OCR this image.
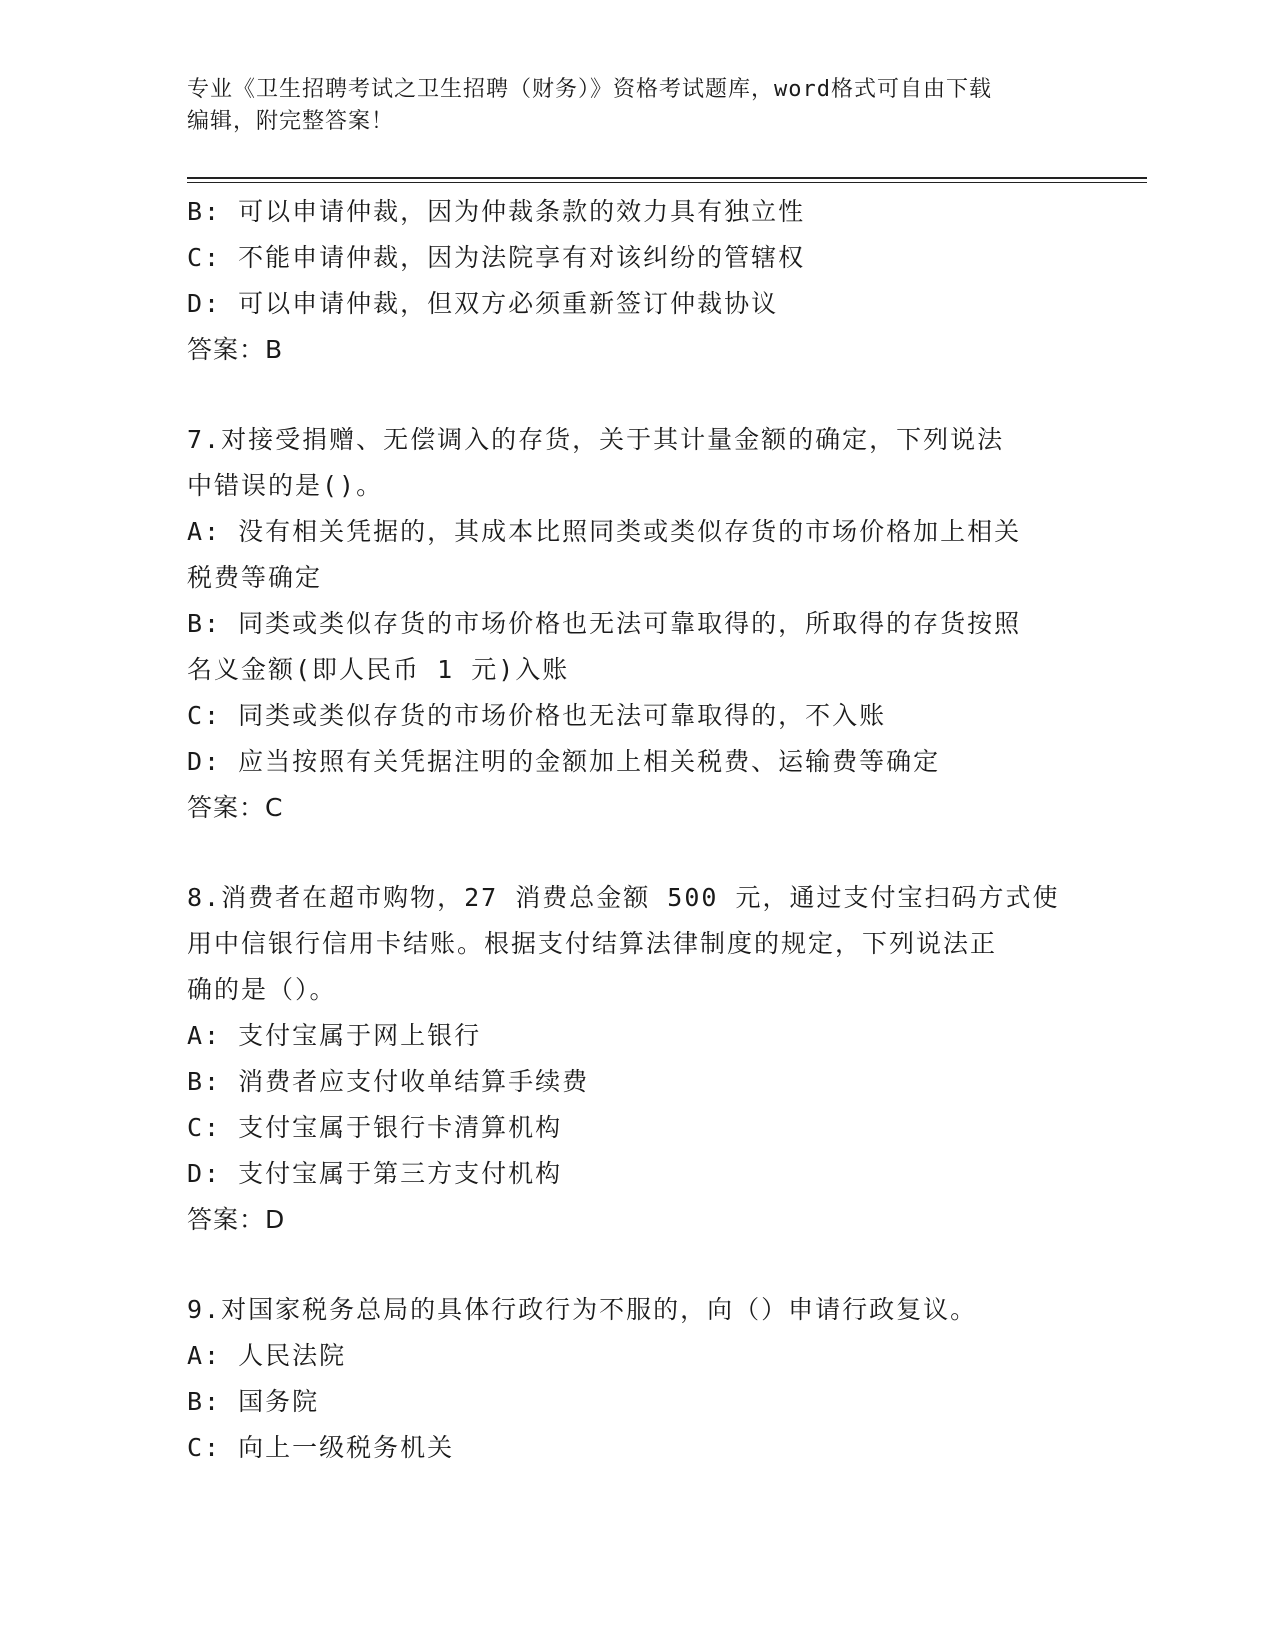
专业《卫生招聘考试之卫生招聘（财务）》资格考试题库，word格式可自由下载
编辑，附完整答案！
B: 可以申请仲裁，因为仲裁条款的效力具有独立性
C: 不能申请仲裁，因为法院享有对该纠纷的管辖权
D: 可以申请仲裁，但双方必须重新签订仲裁协议
答案：B
7.对接受捐赠、无偿调入的存货，关于其计量金额的确定，下列说法
中错误的是()。
A: 没有相关凭据的，其成本比照同类或类似存货的市场价格加上相关
税费等确定
B: 同类或类似存货的市场价格也无法可靠取得的，所取得的存货按照
名义金额(即人民币 1 元)入账
C: 同类或类似存货的市场价格也无法可靠取得的，不入账
D: 应当按照有关凭据注明的金额加上相关税费、运输费等确定
答案：C
8.消费者在超市购物，27 消费总金额 500 元，通过支付宝扫码方式使
用中信银行信用卡结账。根据支付结算法律制度的规定，下列说法正
确的是（）。
A: 支付宝属于网上银行
B: 消费者应支付收单结算手续费
C: 支付宝属于银行卡清算机构
D: 支付宝属于第三方支付机构
答案：D
9.对国家税务总局的具体行政行为不服的，向（）申请行政复议。
A: 人民法院
B: 国务院
C: 向上一级税务机关
